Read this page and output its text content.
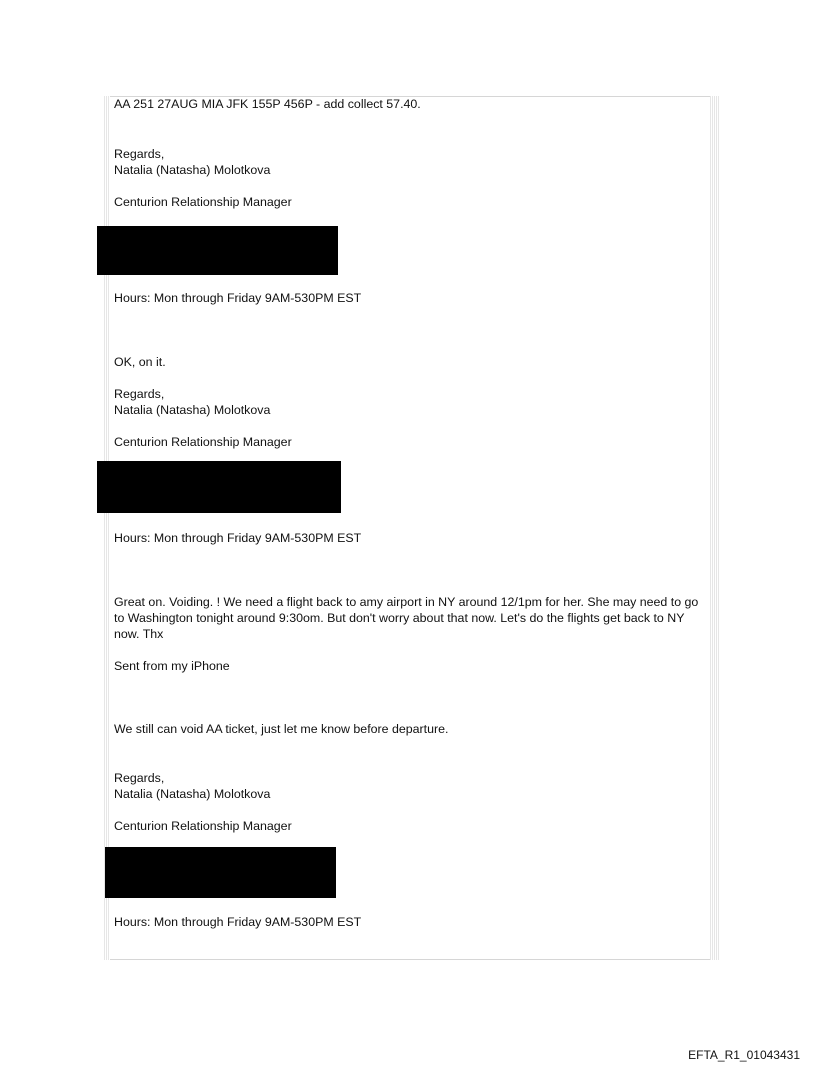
AA 251 27AUG MIA JFK 155P 456P - add collect 57.40.

Regards,

Natalia (Natasha) Molotkova

Centurion Relationship Manager

Hours: Mon through Friday 9AM-530PM EST

OK, on it.

Regards,

Natalia (Natasha) Molotkova

Centurion Relationship Manager

Hours: Mon through Friday 9AM-530PM EST

Great on. Voiding. ! We need a flight back to amy airport in NY around 12/1pm for her. She may need to go to Washington tonight around 9:30om. But don't worry about that now. Let's do the flights get back to NY now. Thx

Sent from my iPhone

We still can void AA ticket, just let me know before departure.

Regards,

Natalia (Natasha) Molotkova

Centurion Relationship Manager

Hours: Mon through Friday 9AM-530PM EST

EFTA_R1_01043431
